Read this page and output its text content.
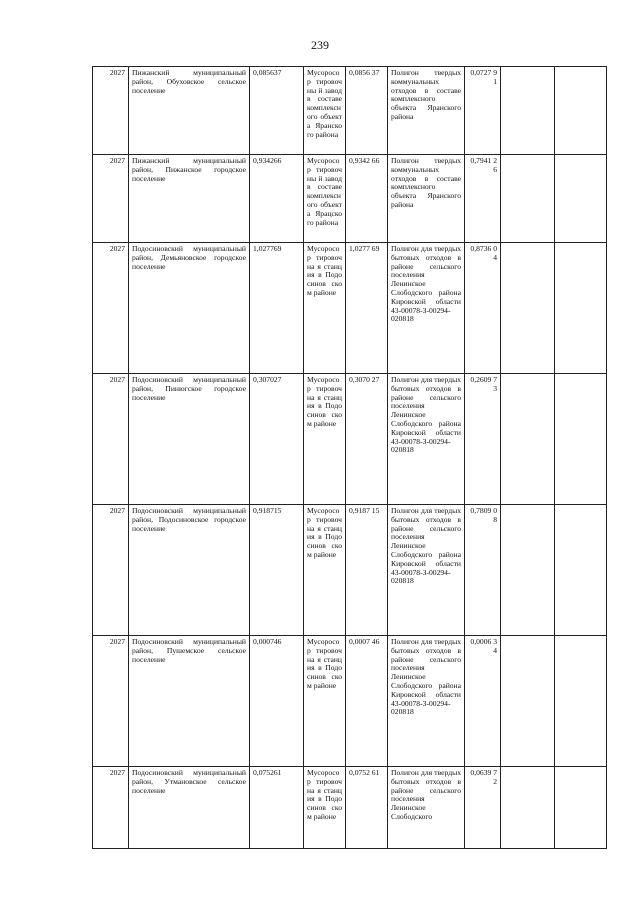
239
2027	Пижанский муниципальный район, Обуховское сельское поселение	0,085637	Мусоросор тировочны й завод в составе комплексн ого объекта Яранского района	0,0856 37	Полигон твердых коммунальных отходов в составе комплексного объекта Яранского района	0,0727 91		
2027	Пижанский муниципальный район, Пижанское городское поселение	0,934266	Мусоросор тировочны й завод в составе комплексн ого объекта Ярацского района	0,9342 66	Полигон твердых коммунальных отходов в составе комплексного объекта Яранского района	0,7941 26		
2027	Подосиновский муниципальный район, Демьяновское городское поселение	1,027769	Мусоросор тировочна я станция в Подосинов ском районе	1,0277 69	Полигон для твердых бытовых отходов в районе сельского поселения Ленинское Слободского района Кировской области 43-00078-З-00294-020818	0,8736 04		
2027	Подосиновский муниципальный район, Пинюгское городское поселение	0,307027	Мусоросор тировочна я станция в Подосинов ском районе	0,3070 27	Полигон для твердых бытовых отходов в районе сельского поселения Ленинское Слободского района Кировской области 43-00078-З-00294-020818	0,2609 73		
2027	Подосиновский муниципальный район, Подосиновское городское поселение	0,918715	Мусоросор тировочна я станция в Подосинов ском районе	0,9187 15	Полигон для твердых бытовых отходов в районе сельского поселения Ленинское Слободского района Кировской области 43-00078-З-00294-020818	0,7809 08		
2027	Подосиновский муниципальный район, Пушемское сельское поселение	0,000746	Мусоросор тировочна я станция в Подосинов ском районе	0,0007 46	Полигон для твердых бытовых отходов в районе сельского поселения Ленинское Слободского района Кировской области 43-00078-З-00294-020818	0,0006 34		
2027	Подосиновский муниципальный район, Утмановское сельское поселение	0,075261	Мусоросор тировочна я станция в Подосинов ском районе	0,0752 61	Полигон для твердых бытовых отходов в районе сельского поселения Ленинское Слободского	0,0639 72		
